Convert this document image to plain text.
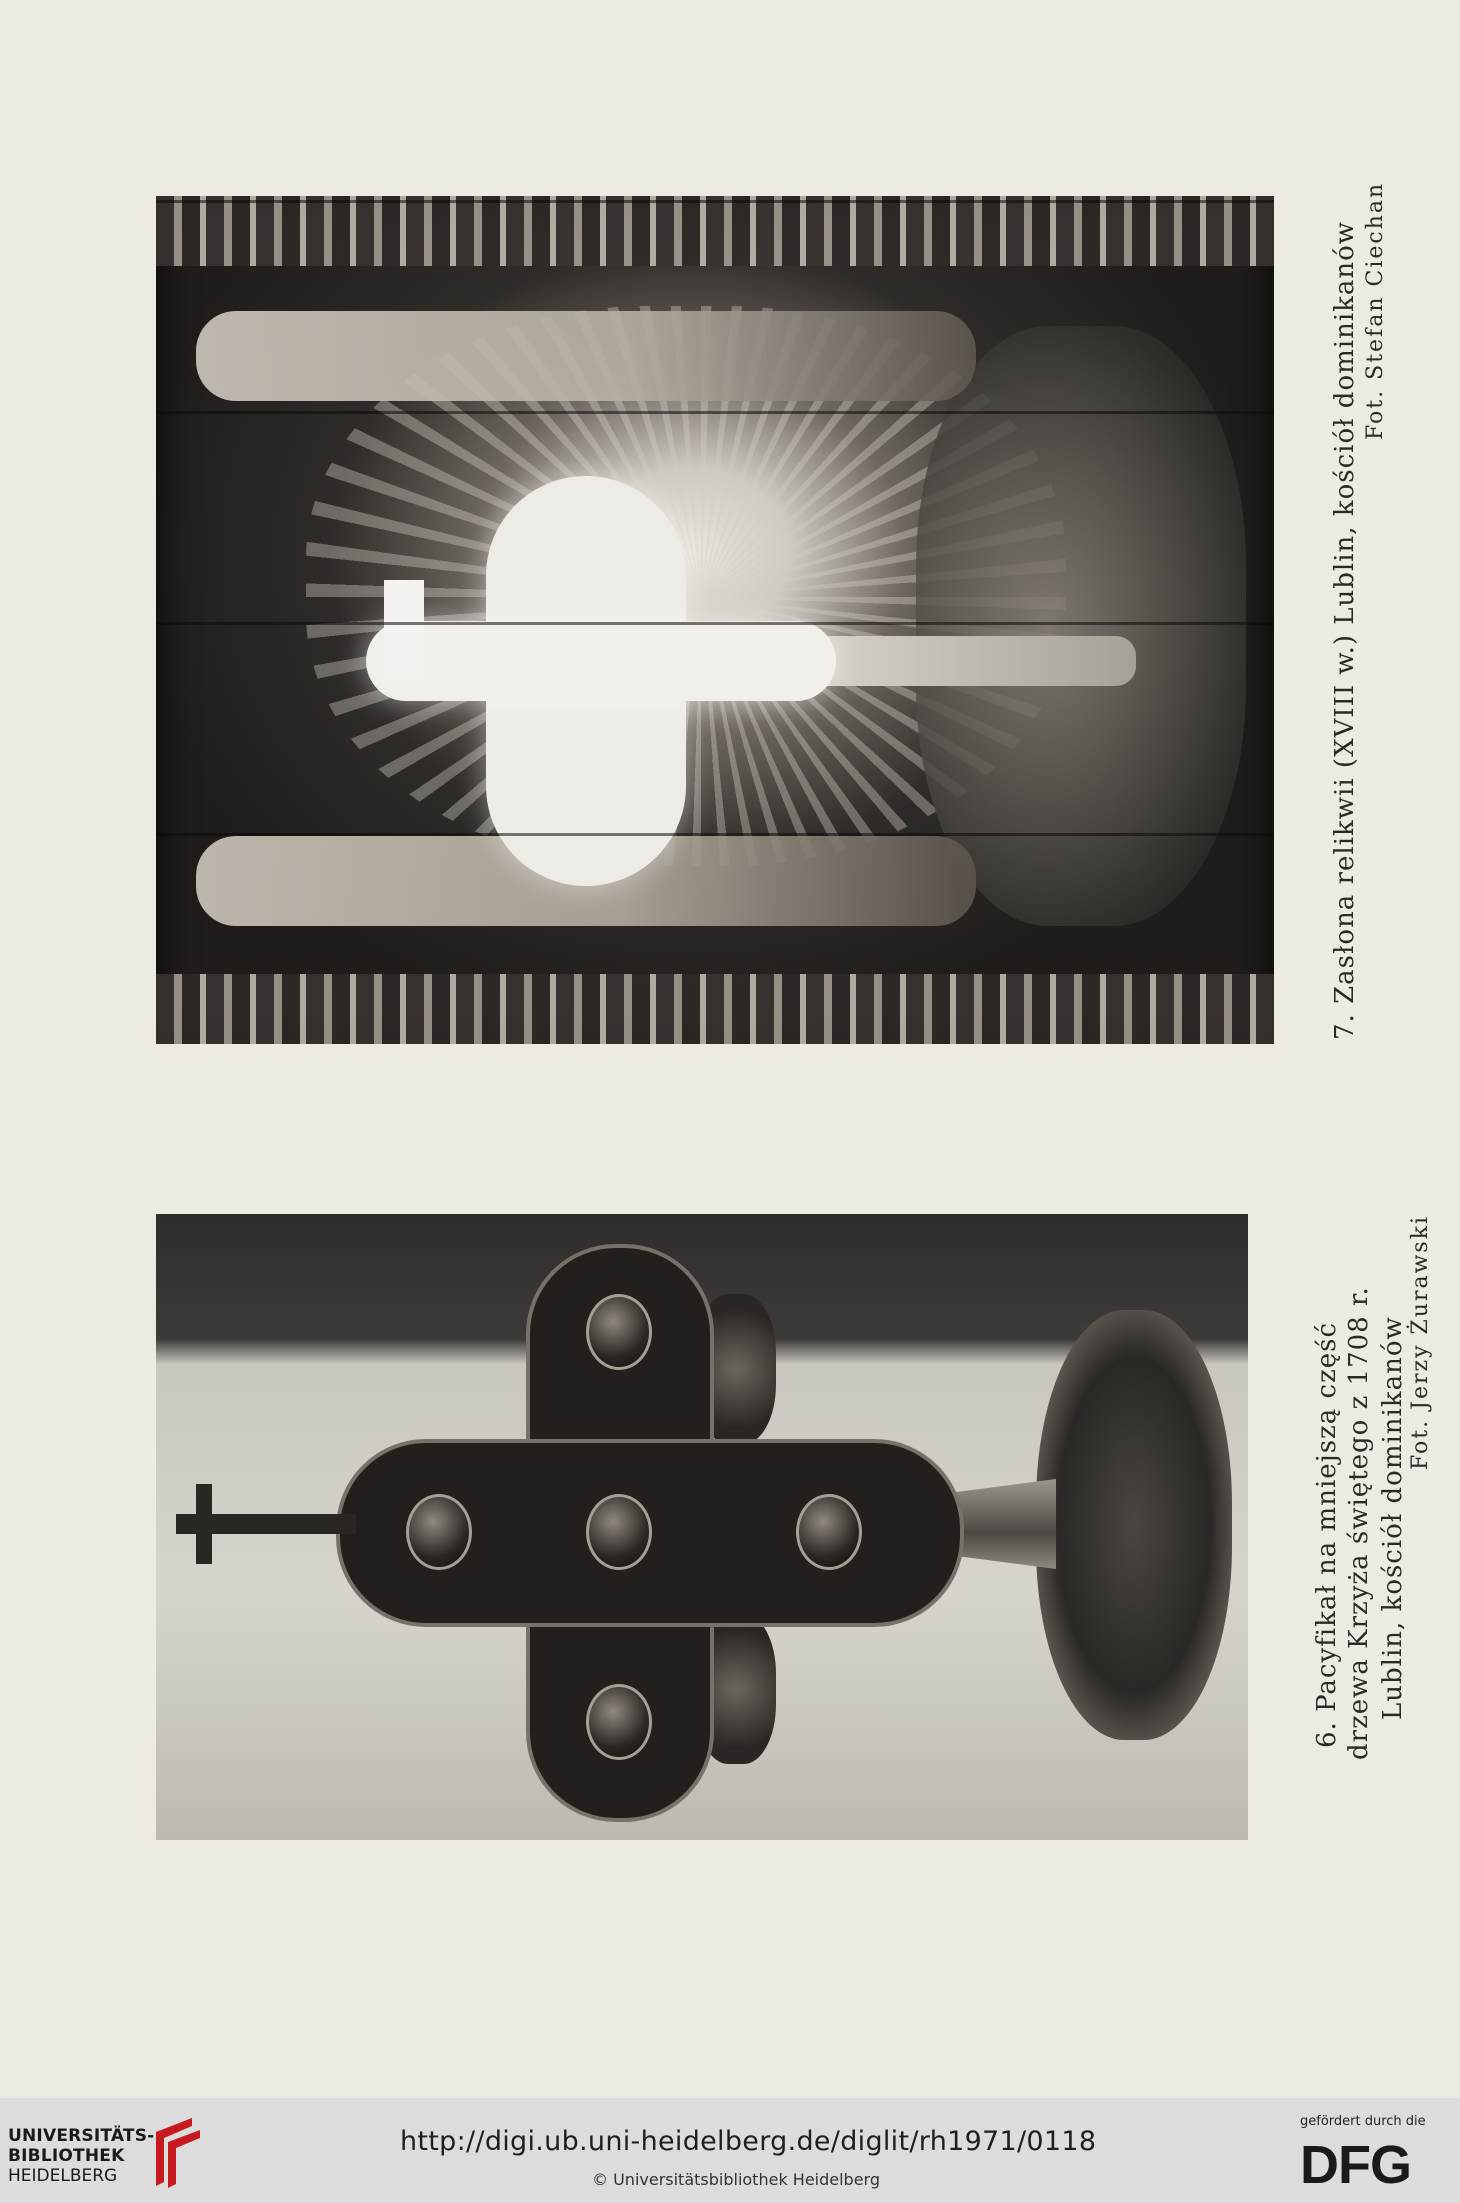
7. Zasłona relikwii (XVIII w.) Lublin, kościół dominikanów Fot. Stefan Ciechan
6. Pacyfikał na mniejszą część drzewa Krzyża świętego z 1708 r. Lublin, kościół dominikanów Fot. Jerzy Żurawski
UNIVERSITÄTS-
BIBLIOTHEK
HEIDELBERG
http://digi.ub.uni-heidelberg.de/diglit/rh1971/0118
© Universitätsbibliothek Heidelberg
gefördert durch die
DFG
